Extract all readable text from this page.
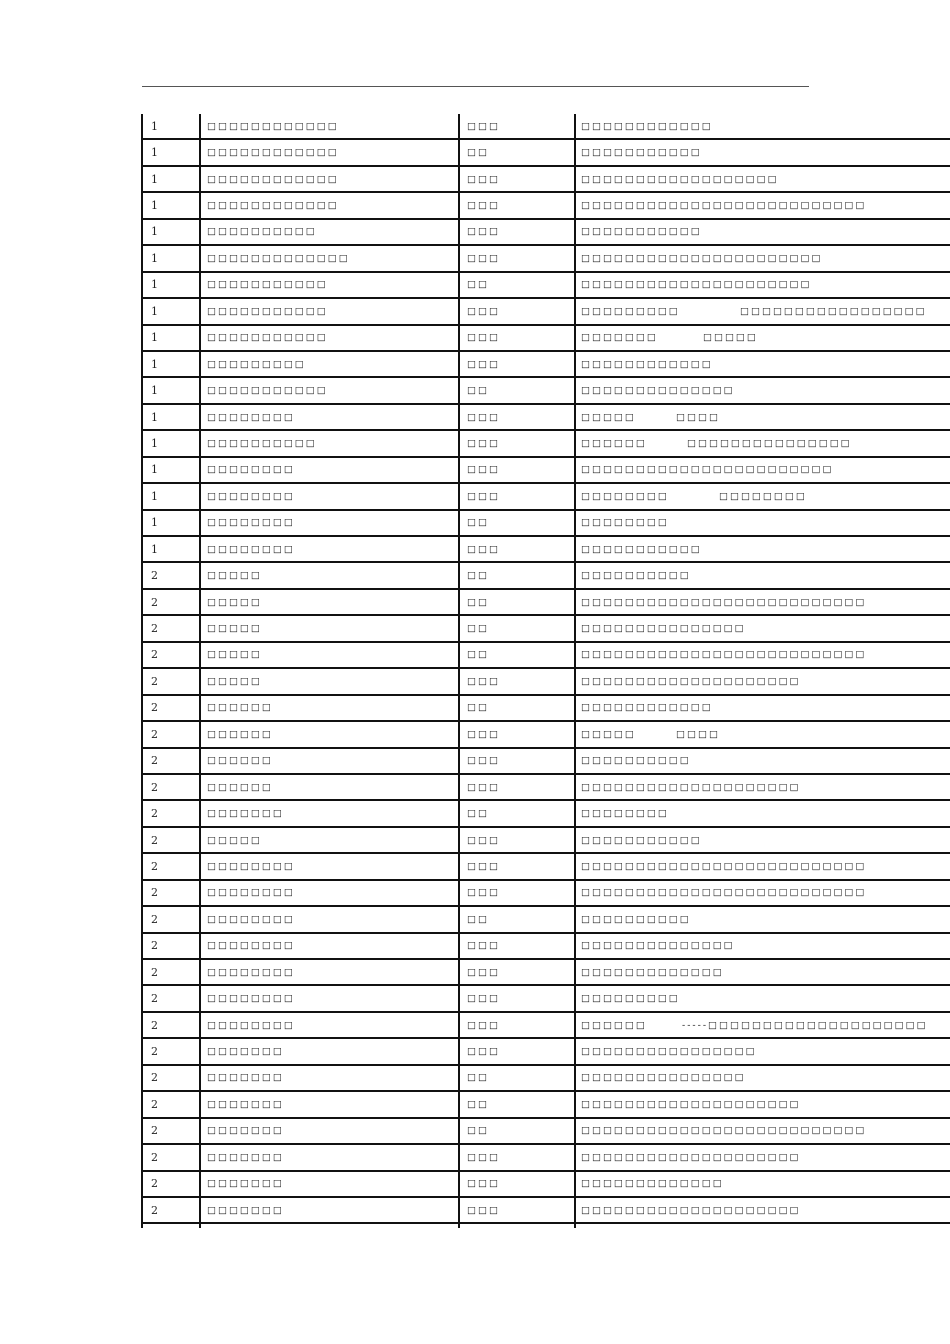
1	□□□□□□□□□□□□	□□□	□□□□□□□□□□□□
1	□□□□□□□□□□□□	□□	□□□□□□□□□□□
1	□□□□□□□□□□□□	□□□	□□□□□□□□□□□□□□□□□□
1	□□□□□□□□□□□□	□□□	□□□□□□□□□□□□□□□□□□□□□□□□□□
1	□□□□□□□□□□	□□□	□□□□□□□□□□□
1	□□□□□□□□□□□□□	□□□	□□□□□□□□□□□□□□□□□□□□□□
1	□□□□□□□□□□□	□□	□□□□□□□□□□□□□□□□□□□□□
1	□□□□□□□□□□□	□□□	□□□□□□□□□            □□□□□□□□□□□□□□□□□
1	□□□□□□□□□□□	□□□	□□□□□□□         □□□□□
1	□□□□□□□□□	□□□	□□□□□□□□□□□□
1	□□□□□□□□□□□	□□	□□□□□□□□□□□□□□
1	□□□□□□□□	□□□	□□□□□        □□□□
1	□□□□□□□□□□	□□□	□□□□□□        □□□□□□□□□□□□□□□
1	□□□□□□□□	□□□	□□□□□□□□□□□□□□□□□□□□□□□
1	□□□□□□□□	□□□	□□□□□□□□          □□□□□□□□
1	□□□□□□□□	□□	□□□□□□□□
1	□□□□□□□□	□□□	□□□□□□□□□□□
2	□□□□□	□□	□□□□□□□□□□
2	□□□□□	□□	□□□□□□□□□□□□□□□□□□□□□□□□□□
2	□□□□□	□□	□□□□□□□□□□□□□□□
2	□□□□□	□□	□□□□□□□□□□□□□□□□□□□□□□□□□□
2	□□□□□	□□□	□□□□□□□□□□□□□□□□□□□□
2	□□□□□□	□□	□□□□□□□□□□□□
2	□□□□□□	□□□	□□□□□        □□□□
2	□□□□□□	□□□	□□□□□□□□□□
2	□□□□□□	□□□	□□□□□□□□□□□□□□□□□□□□
2	□□□□□□□	□□	□□□□□□□□
2	□□□□□	□□□	□□□□□□□□□□□
2	□□□□□□□□	□□□	□□□□□□□□□□□□□□□□□□□□□□□□□□
2	□□□□□□□□	□□□	□□□□□□□□□□□□□□□□□□□□□□□□□□
2	□□□□□□□□	□□	□□□□□□□□□□
2	□□□□□□□□	□□□	□□□□□□□□□□□□□□
2	□□□□□□□□	□□□	□□□□□□□□□□□□□
2	□□□□□□□□	□□□	□□□□□□□□□
2	□□□□□□□□	□□□	□□□□□□       -----□□□□□□□□□□□□□□□□□□□□
2	□□□□□□□	□□□	□□□□□□□□□□□□□□□□
2	□□□□□□□	□□	□□□□□□□□□□□□□□□
2	□□□□□□□	□□	□□□□□□□□□□□□□□□□□□□□
2	□□□□□□□	□□	□□□□□□□□□□□□□□□□□□□□□□□□□□
2	□□□□□□□	□□□	□□□□□□□□□□□□□□□□□□□□
2	□□□□□□□	□□□	□□□□□□□□□□□□□
2	□□□□□□□	□□□	□□□□□□□□□□□□□□□□□□□□
